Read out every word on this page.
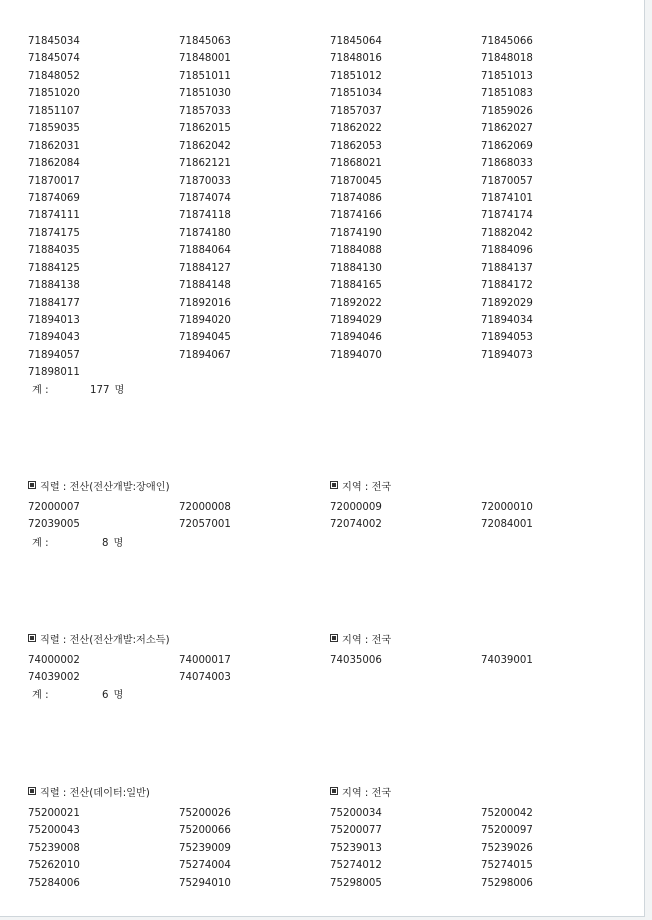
71845034	71845063	71845064	71845066
71845074	71848001	71848016	71848018
71848052	71851011	71851012	71851013
71851020	71851030	71851034	71851083
71851107	71857033	71857037	71859026
71859035	71862015	71862022	71862027
71862031	71862042	71862053	71862069
71862084	71862121	71868021	71868033
71870017	71870033	71870045	71870057
71874069	71874074	71874086	71874101
71874111	71874118	71874166	71874174
71874175	71874180	71874190	71882042
71884035	71884064	71884088	71884096
71884125	71884127	71884130	71884137
71884138	71884148	71884165	71884172
71884177	71892016	71892022	71892029
71894013	71894020	71894029	71894034
71894043	71894045	71894046	71894053
71894057	71894067	71894070	71894073
71898011
계 :	177 명
직렬 : 전산(전산개발:장애인)	지역 : 전국
72000007	72000008	72000009	72000010
72039005	72057001	72074002	72084001
계 :	8 명
직렬 : 전산(전산개발:저소득)	지역 : 전국
74000002	74000017	74035006	74039001
74039002	74074003
계 :	6 명
직렬 : 전산(데이터:일반)	지역 : 전국
75200021	75200026	75200034	75200042
75200043	75200066	75200077	75200097
75239008	75239009	75239013	75239026
75262010	75274004	75274012	75274015
75284006	75294010	75298005	75298006
